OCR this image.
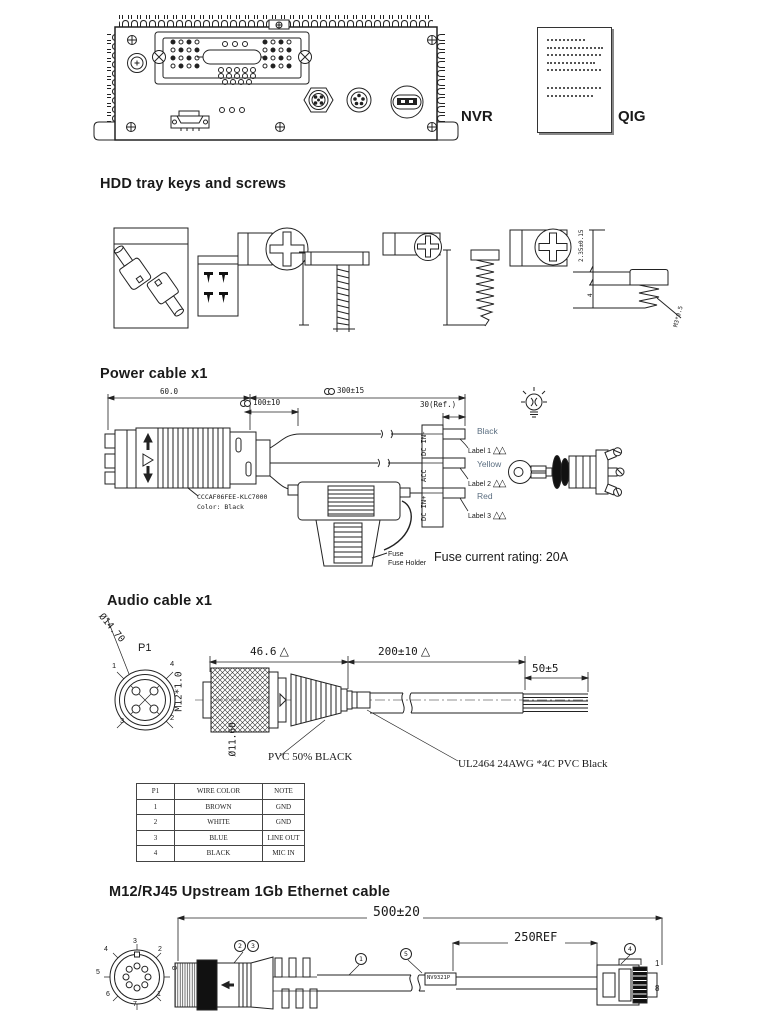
NVR	QIG
HDD tray keys and screws
2.35±0.15
4
M3*0.5
Power cable x1
60.0	300±15
100±10	30(Ref.)
CCCAF06FEE-KLC7000
Color: Black
DC IN-
ACC
DC IN+
Black
Yellow
Red
Label 1 △△
Label 2 △△
Label 3 △△
Fuse
Fuse Holder Fuse current rating: 20A
Audio cable x1
Ø14.70
P1
1	4
3	2
M12*1.0
Ø11.60
46.6 △	200±10 △
50±5
PVC 50% BLACK
UL2464 24AWG *4C PVC Black
P1	WIRE COLOR	NOTE
1	BROWN	GND
2	WHITE	GND
3	BLUE	LINE OUT
4	BLACK	MIC IN
M12/RJ45 Upstream 1Gb Ethernet cable
500±20
250REF
NV9321P
2	3
1
5
4
3
2
8
1
7
6
5
4
1
8
